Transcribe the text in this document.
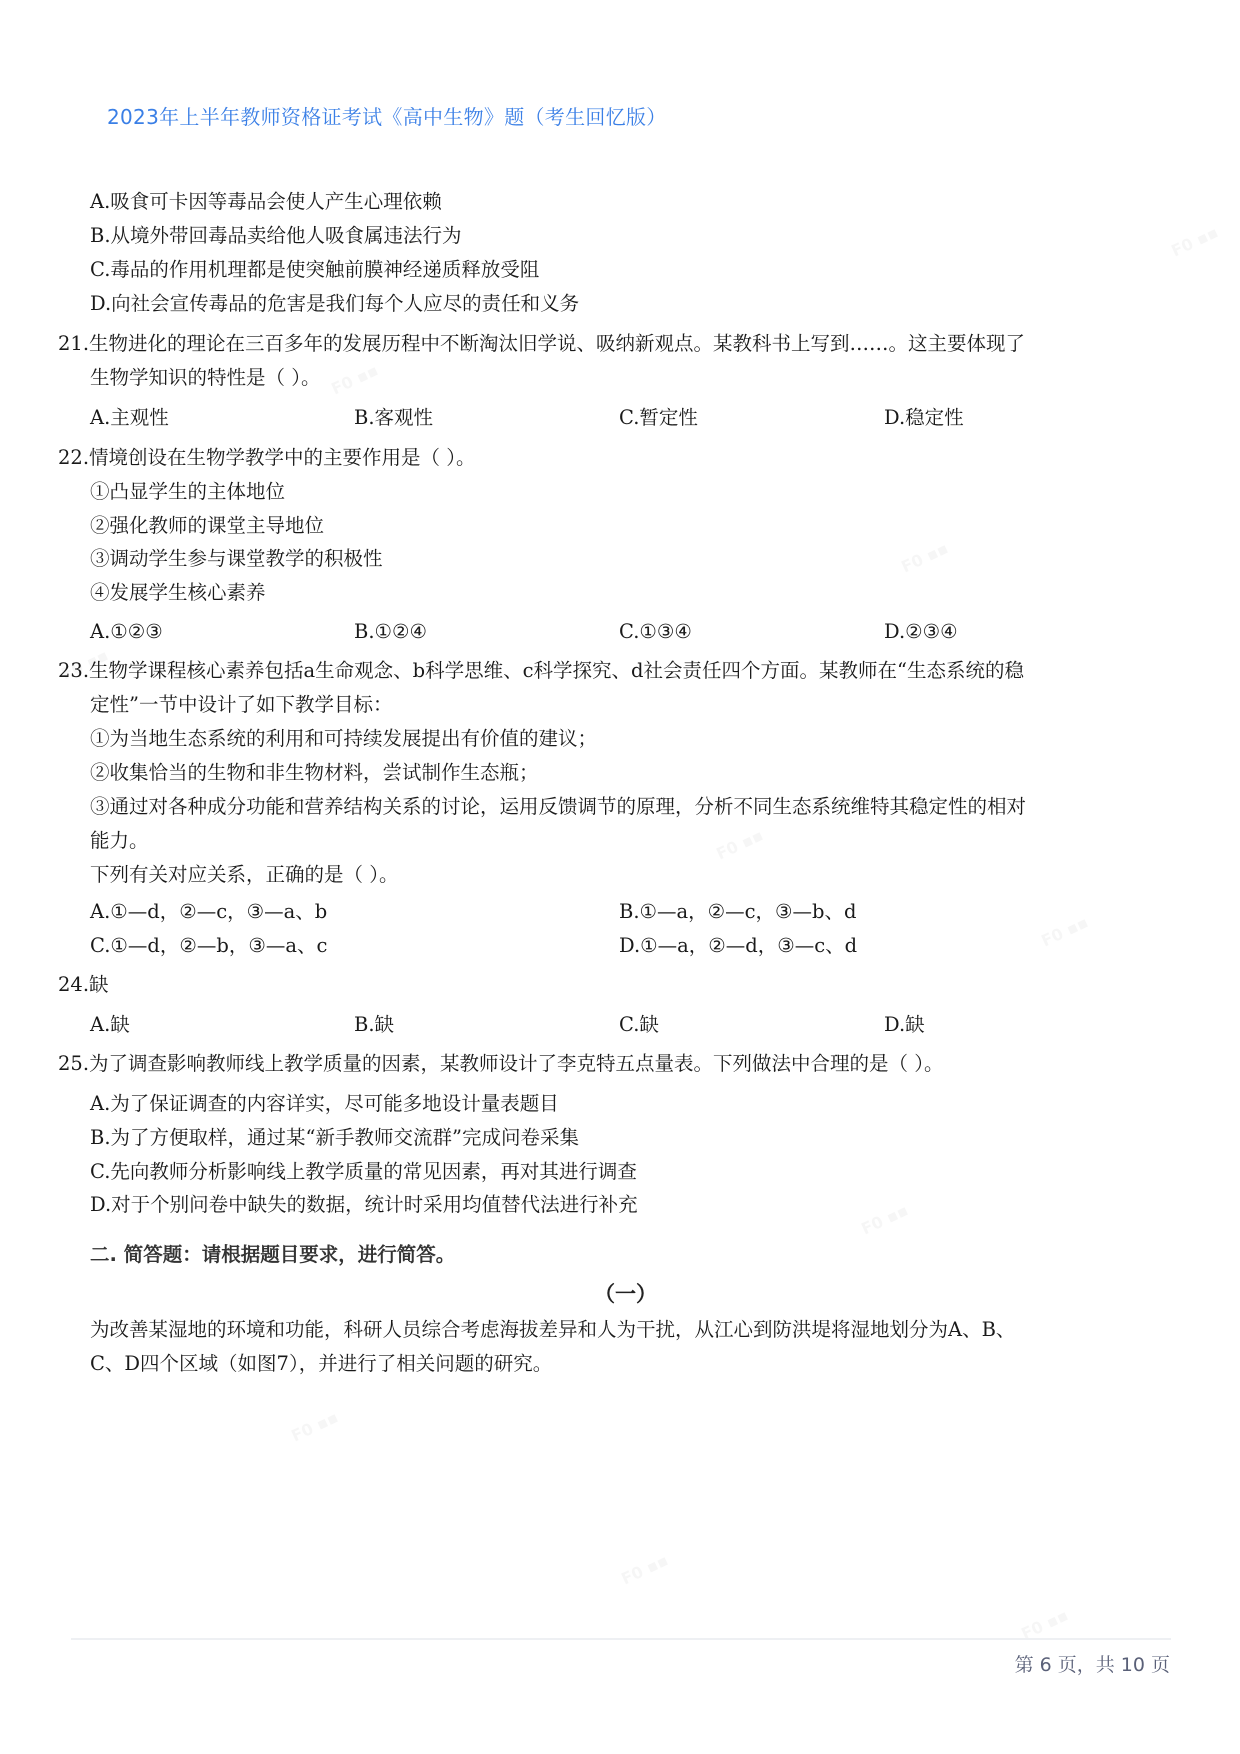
2023年上半年教师资格证考试《高中生物》题（考生回忆版）
A.吸食可卡因等毒品会使人产生心理依赖
B.从境外带回毒品卖给他人吸食属违法行为
C.毒品的作用机理都是使突触前膜神经递质释放受阻
D.向社会宣传毒品的危害是我们每个人应尽的责任和义务
21.生物进化的理论在三百多年的发展历程中不断淘汰旧学说、吸纳新观点。某教科书上写到……。这主要体现了
生物学知识的特性是（ ）。
A.主观性	B.客观性	C.暂定性	D.稳定性
22.情境创设在生物学教学中的主要作用是（ ）。
①凸显学生的主体地位
②强化教师的课堂主导地位
③调动学生参与课堂教学的积极性
④发展学生核心素养
A.①②③	B.①②④	C.①③④	D.②③④
23.生物学课程核心素养包括a生命观念、b科学思维、c科学探究、d社会责任四个方面。某教师在“生态系统的稳
定性”一节中设计了如下教学目标：
①为当地生态系统的利用和可持续发展提出有价值的建议；
②收集恰当的生物和非生物材料，尝试制作生态瓶；
③通过对各种成分功能和营养结构关系的讨论，运用反馈调节的原理，分析不同生态系统维特其稳定性的相对
能力。
下列有关对应关系，正确的是（ ）。
A.①—d，②—c，③—a、b	B.①—a，②—c，③—b、d
C.①—d，②—b，③—a、c	D.①—a，②—d，③—c、d
24.缺
A.缺	B.缺	C.缺	D.缺
25.为了调查影响教师线上教学质量的因素，某教师设计了李克特五点量表。下列做法中合理的是（ ）。
A.为了保证调查的内容详实，尽可能多地设计量表题目
B.为了方便取样，通过某“新手教师交流群”完成问卷采集
C.先向教师分析影响线上教学质量的常见因素，再对其进行调查
D.对于个别问卷中缺失的数据，统计时采用均值替代法进行补充
二. 简答题：请根据题目要求，进行简答。
（一）
为改善某湿地的环境和功能，科研人员综合考虑海拔差异和人为干扰，从江心到防洪堤将湿地划分为A、B、
C、D四个区域（如图7），并进行了相关问题的研究。
第 6 页，共 10 页
